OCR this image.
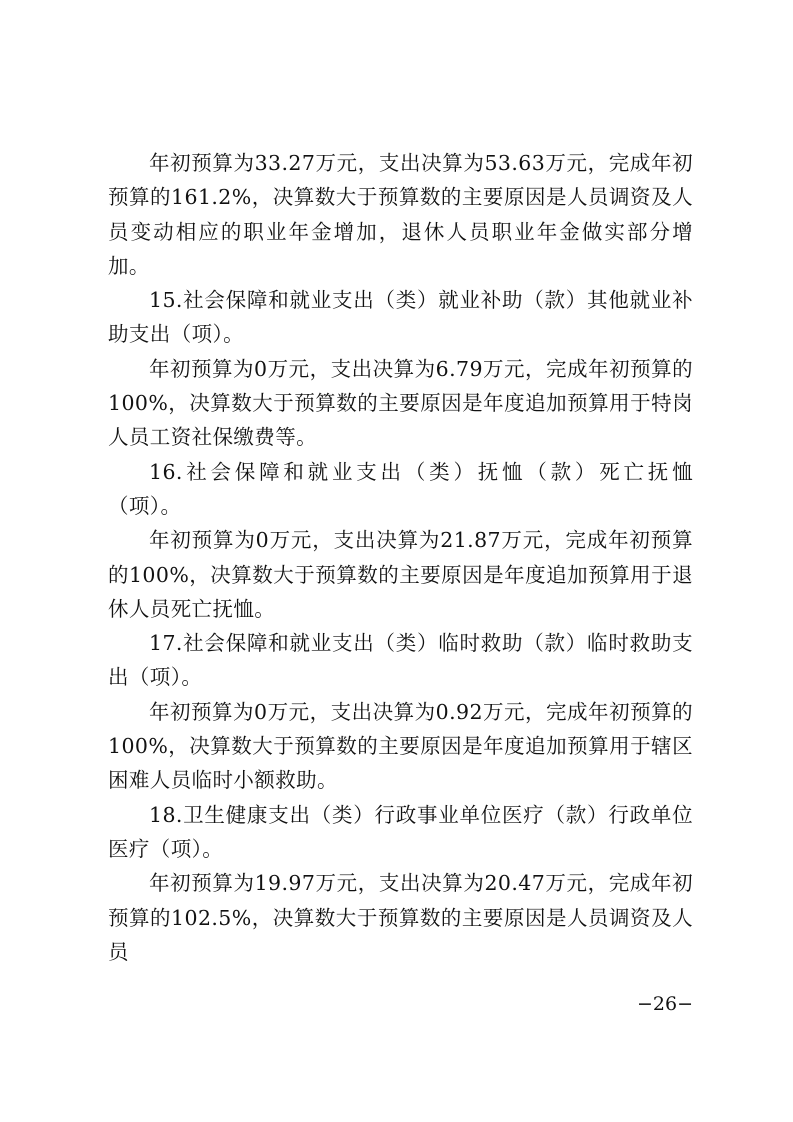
年初预算为33.27万元，支出决算为53.63万元，完成年初预算的161.2%，决算数大于预算数的主要原因是人员调资及人员变动相应的职业年金增加，退休人员职业年金做实部分增加。

15.社会保障和就业支出（类）就业补助（款）其他就业补助支出（项）。

年初预算为0万元，支出决算为6.79万元，完成年初预算的100%，决算数大于预算数的主要原因是年度追加预算用于特岗人员工资社保缴费等。

16.社会保障和就业支出（类）抚恤（款）死亡抚恤（项）。

年初预算为0万元，支出决算为21.87万元，完成年初预算的100%，决算数大于预算数的主要原因是年度追加预算用于退休人员死亡抚恤。

17.社会保障和就业支出（类）临时救助（款）临时救助支出（项）。

年初预算为0万元，支出决算为0.92万元，完成年初预算的100%，决算数大于预算数的主要原因是年度追加预算用于辖区困难人员临时小额救助。

18.卫生健康支出（类）行政事业单位医疗（款）行政单位医疗（项）。

年初预算为19.97万元，支出决算为20.47万元，完成年初预算的102.5%，决算数大于预算数的主要原因是人员调资及人员

−26−
